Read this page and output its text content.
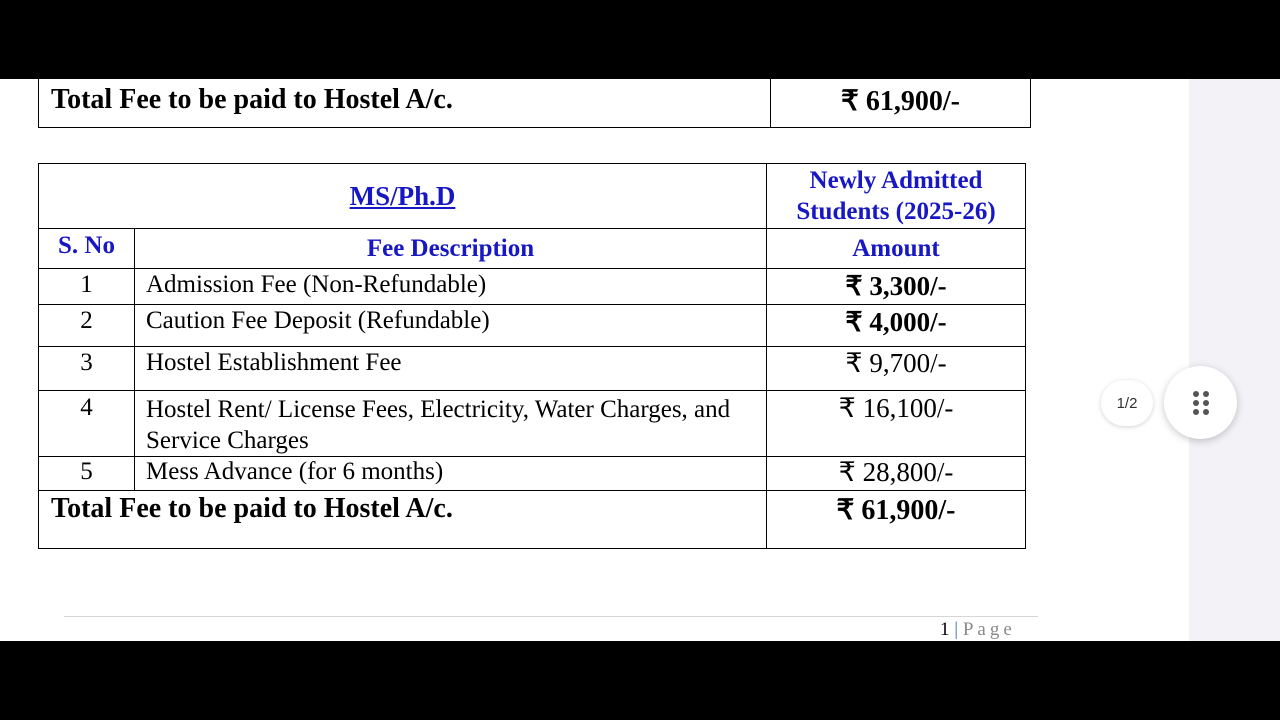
Total Fee to be paid to Hostel A/c.	₹ 61,900/-
MS/Ph.D		Newly Admitted Students (2025-26)
S. No	Fee Description	Amount
1	Admission Fee (Non-Refundable)	₹ 3,300/-
2	Caution Fee Deposit (Refundable)	₹ 4,000/-
3	Hostel Establishment Fee	₹ 9,700/-
4	Hostel Rent/ License Fees, Electricity, Water Charges, and Service Charges	₹ 16,100/-
5	Mess Advance (for 6 months)	₹ 28,800/-
Total Fee to be paid to Hostel A/c.		₹ 61,900/-
1 | Page
1/2
